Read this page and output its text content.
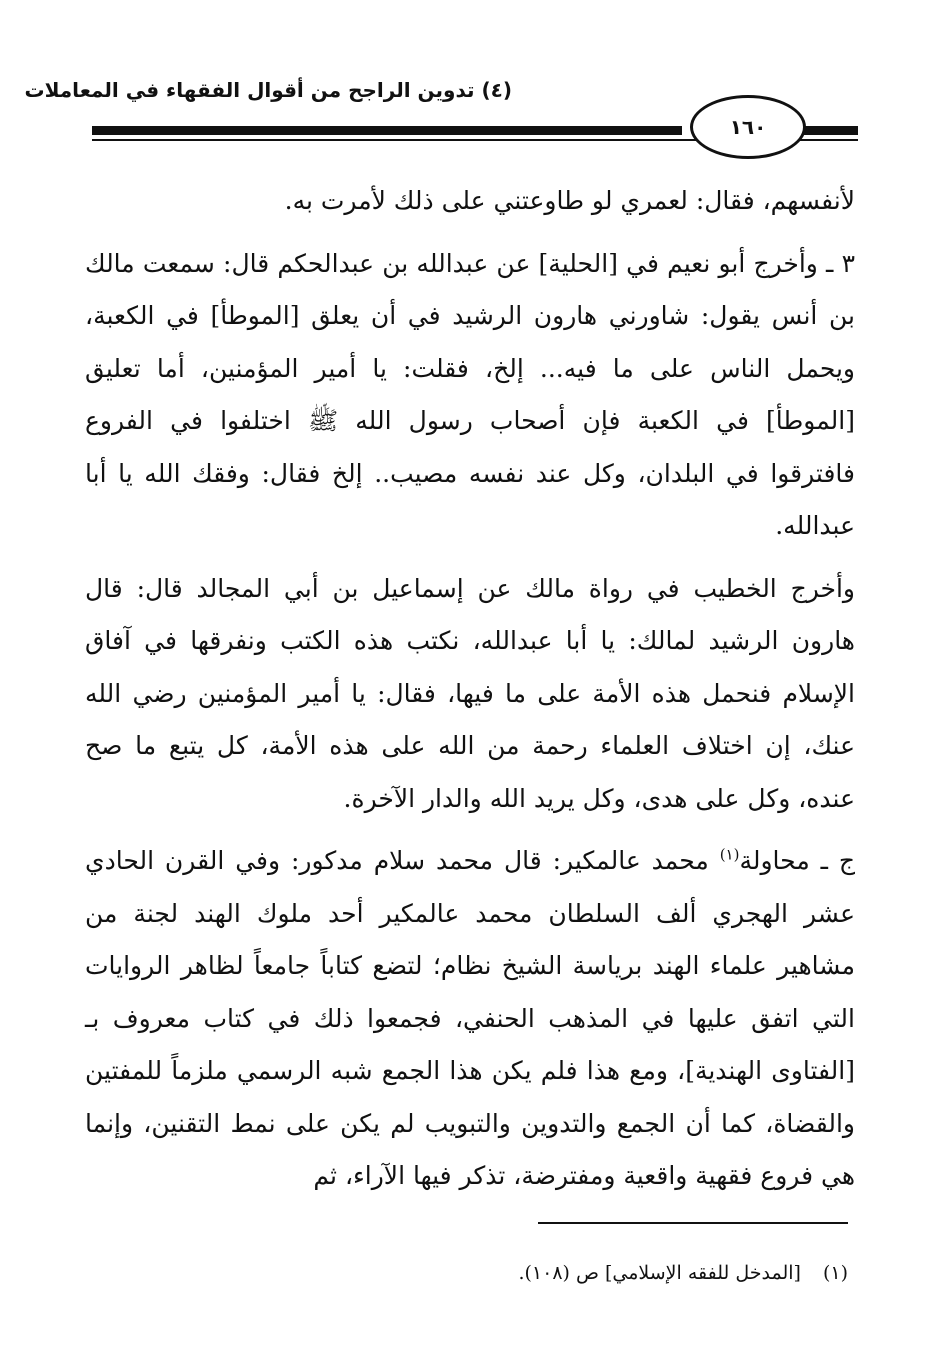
(٤) تدوين الراجح من أقوال الفقهاء في المعاملات
١٦٠

لأنفسهم، فقال: لعمري لو طاوعتني على ذلك لأمرت به.

٣ ـ وأخرج أبو نعيم في [الحلية] عن عبدالله بن عبدالحكم قال: سمعت مالك بن أنس يقول: شاورني هارون الرشيد في أن يعلق [الموطأ] في الكعبة، ويحمل الناس على ما فيه... إلخ، فقلت: يا أمير المؤمنين، أما تعليق [الموطأ] في الكعبة فإن أصحاب رسول الله ﷺ اختلفوا في الفروع فافترقوا في البلدان، وكل عند نفسه مصيب.. إلخ فقال: وفقك الله يا أبا عبدالله.

وأخرج الخطيب في رواة مالك عن إسماعيل بن أبي المجالد قال: قال هارون الرشيد لمالك: يا أبا عبدالله، نكتب هذه الكتب ونفرقها في آفاق الإسلام فنحمل هذه الأمة على ما فيها، فقال: يا أمير المؤمنين رضي الله عنك، إن اختلاف العلماء رحمة من الله على هذه الأمة، كل يتبع ما صح عنده، وكل على هدى، وكل يريد الله والدار الآخرة.

ج ـ محاولة$^{(١)}$ محمد عالمكير: قال محمد سلام مدكور: وفي القرن الحادي عشر الهجري ألف السلطان محمد عالمكير أحد ملوك الهند لجنة من مشاهير علماء الهند برياسة الشيخ نظام؛ لتضع كتاباً جامعاً لظاهر الروايات التي اتفق عليها في المذهب الحنفي، فجمعوا ذلك في كتاب معروف بـ [الفتاوى الهندية]، ومع هذا فلم يكن هذا الجمع شبه الرسمي ملزماً للمفتين والقضاة، كما أن الجمع والتدوين والتبويب لم يكن على نمط التقنين، وإنما هي فروع فقهية واقعية ومفترضة، تذكر فيها الآراء، ثم

(١)[المدخل للفقه الإسلامي] ص (١٠٨).
